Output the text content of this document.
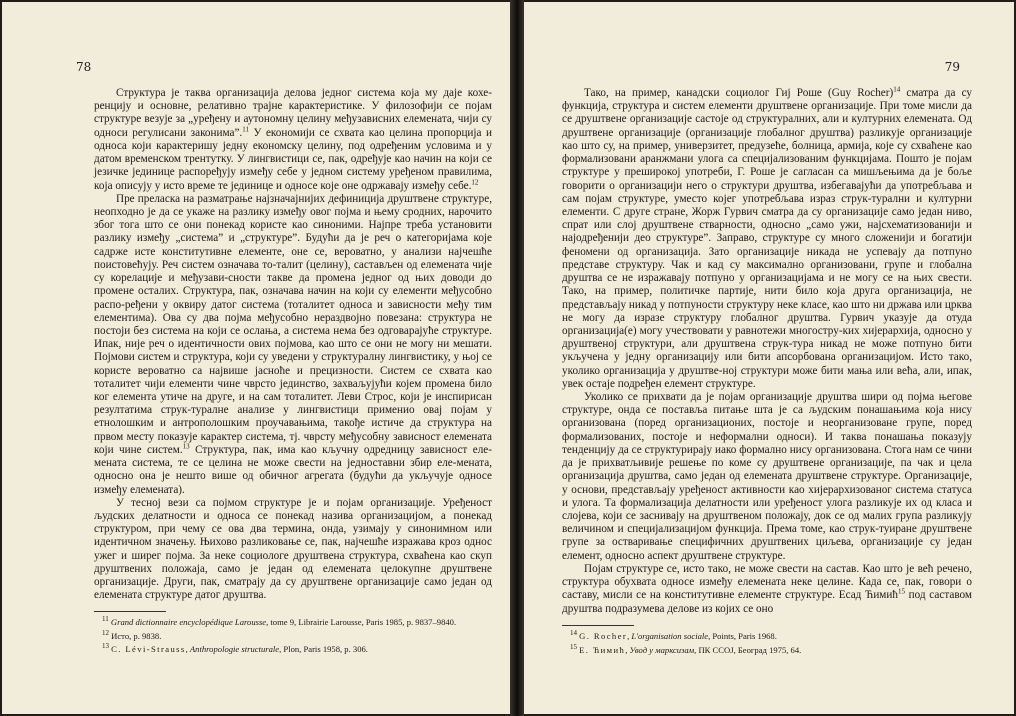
78

Структура је таква организација делова једног система која му даје кохе-ренцију и основне, релативно трајне карактеристике. У филозофији се појам структуре везује за „уређену и аутономну целину међузависних елемената, чији су односи регулисани законима”.$^{11}$ У економији се схвата као целина пропорција и односа који карактеришу једну економску целину, под одређеним условима и у датом временском трентутку. У лингвистици се, пак, одређује као начин на који се језичке јединице распоређују између себе у једном систему уређеном правилима, која описују у исто време те јединице и односе које оне одржавају између себе.$^{12}$

Пре преласка на разматрање најзначајнијих дефиниција друштвене структуре, неопходно је да се укаже на разлику између овог појма и њему сродних, нарочито због тога што се они понекад користе као синоними. Најпре треба установити разлику између „система” и „структуре”. Будући да је реч о категоријама које садрже исте конститутивне елементе, оне се, вероватно, у анализи најчешће поистовећују. Реч систем означава то-талит (целину), састављен од елемената чије су корелације и међузави-сности такве да промена једног од њих доводи до промене осталих. Структура, пак, означава начин на који су елементи међусобно распо-ређени у оквиру датог система (тоталитет односа и зависности међу тим елементима). Ова су два појма међусобно нераздвојно повезана: структура не постоји без система на који се ослања, а система нема без одговарајуће структуре. Ипак, није реч о идентичности ових појмова, као што се они не могу ни мешати. Појмови систем и структура, који су уведени у структуралну лингвистику, у њој се користе вероватно са највише јасноће и прецизности. Систем се схвата као тоталитет чији елементи чине чврсто јединство, захваљујући којем промена било ког елемента утиче на друге, и на сам тоталитет. Леви Строс, који је инспирисан резултатима струк-туралне анализе у лингвистици применио овај појам у етнолошким и антрополошким проучавањима, такође истиче да структура на првом месту показује карактер система, тј. чврсту међусобну зависност елемената који чине систем.$^{13}$ Структура, пак, има као кључну одредницу зависност еле-мената система, те се целина не може свести на једноставни збир еле-мената, односно она је нешто више од обичног агрегата (будући да укључује односе између елемената).

У тесној вези са појмом структуре је и појам организације. Уређеност људских делатности и односа се понекад назива организацијом, а понекад структуром, при чему се ова два термина, онда, узимају у синонимном или идентичном значењу. Њихово разликовање се, пак, најчешће изражава кроз однос ужег и ширег појма. За неке социологе друштвена структура, схваћена као скуп друштвених положаја, само је један од елемената целокупне друштвене организације. Други, пак, сматрају да су друштвене организације само један од елемената структуре датог друштва.

$^{11}$ Grand dictionnaire encyclopédique Larousse, tome 9, Librairie Larousse, Paris 1985, p. 9837–9840.
$^{12}$ Исто, p. 9838.
$^{13}$ C. Lévi-Strauss, Anthropologie structurale, Plon, Paris 1958, p. 306.
79

Тако, на пример, канадски социолог Гиј Роше (Guy Rocher)$^{14}$ сматра да су функција, структура и систем елементи друштвене организације. При томе мисли да се друштвене организације састоје од структуралних, али и културних елемената. Од друштвене организације (организације глобалног друштва) разликује организације као што су, на пример, универзитет, предузеће, болница, армија, које су схваћене као формализовани аранжмани улога са специјализованим функцијама. Пошто је појам структуре у преширокој употреби, Г. Роше је сагласан са мишљењима да је боље говорити о организацији него о структури друштва, избегавајући да употребљава и сам појам структуре, уместо којег употребљава израз струк-турални и културни елементи. С друге стране, Жорж Гурвич сматра да су организације само један ниво, спрат или слој друштвене стварности, односно „само ужи, најсхематизованији и најодређенији део структуре”. Заправо, структуре су много сложенији и богатији феномени од организација. Зато организације никада не успевају да потпуно представе структуру. Чак и кад су максимално организовани, групе и глобална друштва се не изражавају потпуно у организацијама и не могу се на њих свести. Тако, на пример, политичке партије, нити било која друга организација, не представљају никад у потпуности структуру неке класе, као што ни држава или црква не могу да изразе структуру глобалног друштва. Гурвич указује да отуда организација(е) могу учествовати у равнотежи многостру-ких хијерархија, односно у друштвеној структури, али друштвена струк-тура никад не може потпуно бити укључена у једну организацију или бити апсорбована организацијом. Исто тако, уколико организација у друштве-ној структури може бити мања или већа, али, ипак, увек остаје подређен елемент структуре.

Уколико се прихвати да је појам организације друштва шири од појма његовe структуре, онда се поставља питање шта је са људским понашањима која нису организована (поред организационих, постоје и неорганизоване групе, поред формализованих, постоје и неформални односи). И таква понашања показују тенденцију да се структурирају иако формално нису организована. Стога нам се чини да је прихватљивије решење по коме су друштвене организације, па чак и цела организација друштва, само један од елемената друштвене структуре. Организације, у основи, представљају уређеност активности као хијерархизованог система статуса и улога. Та формализација делатности или уређеност улога разликује их од класа и слојева, који се заснивају на друштвеном положају, док се од малих група разликују величином и специјализацијом функција. Према томе, као струк-туиране друштвене групе за остваривање специфичних друштвених циљева, организације су један елемент, односно аспект друштвене структуре.

Појам структуре се, исто тако, не може свести на састав. Као што је већ речено, структура обухвата односе између елемената неке целине. Када се, пак, говори о саставу, мисли се на конститутивне елементе структуре. Есад Ћимић$^{15}$ под саставом друштва подразумева делове из којих се оно

$^{14}$ G. Rocher, L'organisation sociale, Points, Paris 1968.
$^{15}$ Е. Ћимић, Увод у марксизам, ПК ССОЈ, Београд 1975, 64.
